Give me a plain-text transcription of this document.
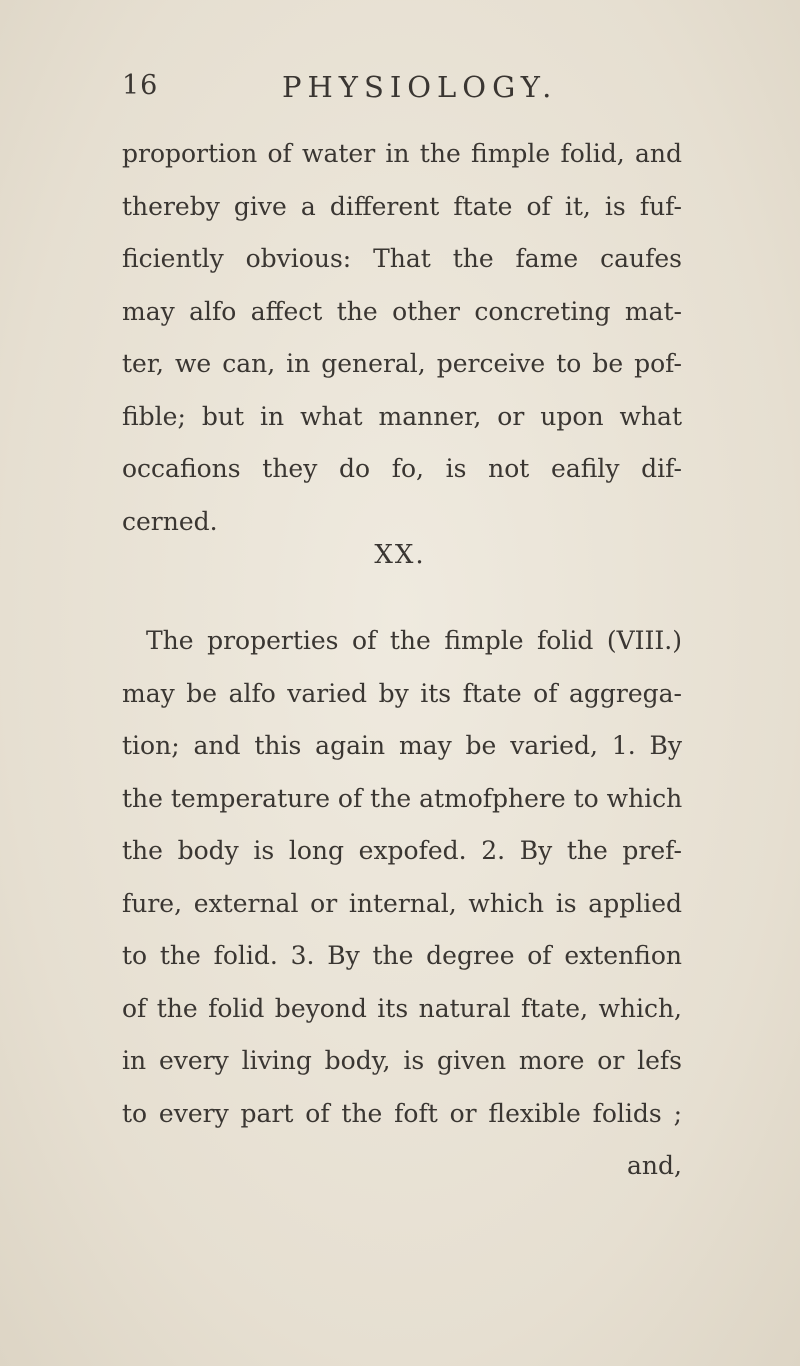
16	PHYSIOLOGY.
proportion of water in the fimple folid, and
thereby give a different ftate of it, is fuf-
ficiently obvious: That the fame caufes
may alfo affect the other concreting mat-
ter, we can, in general, perceive to be pof-
fible; but in what manner, or upon what
occafions they do fo, is not eafily dif-
cerned.
XX.
The properties of the fimple folid (VIII.)
may be alfo varied by its ftate of aggrega-
tion; and this again may be varied, 1. By
the temperature of the atmofphere to which
the body is long expofed. 2. By the pref-
fure, external or internal, which is applied
to the folid. 3. By the degree of extenfion
of the folid beyond its natural ftate, which,
in every living body, is given more or lefs
to every part of the foft or flexible folids ;
and,
